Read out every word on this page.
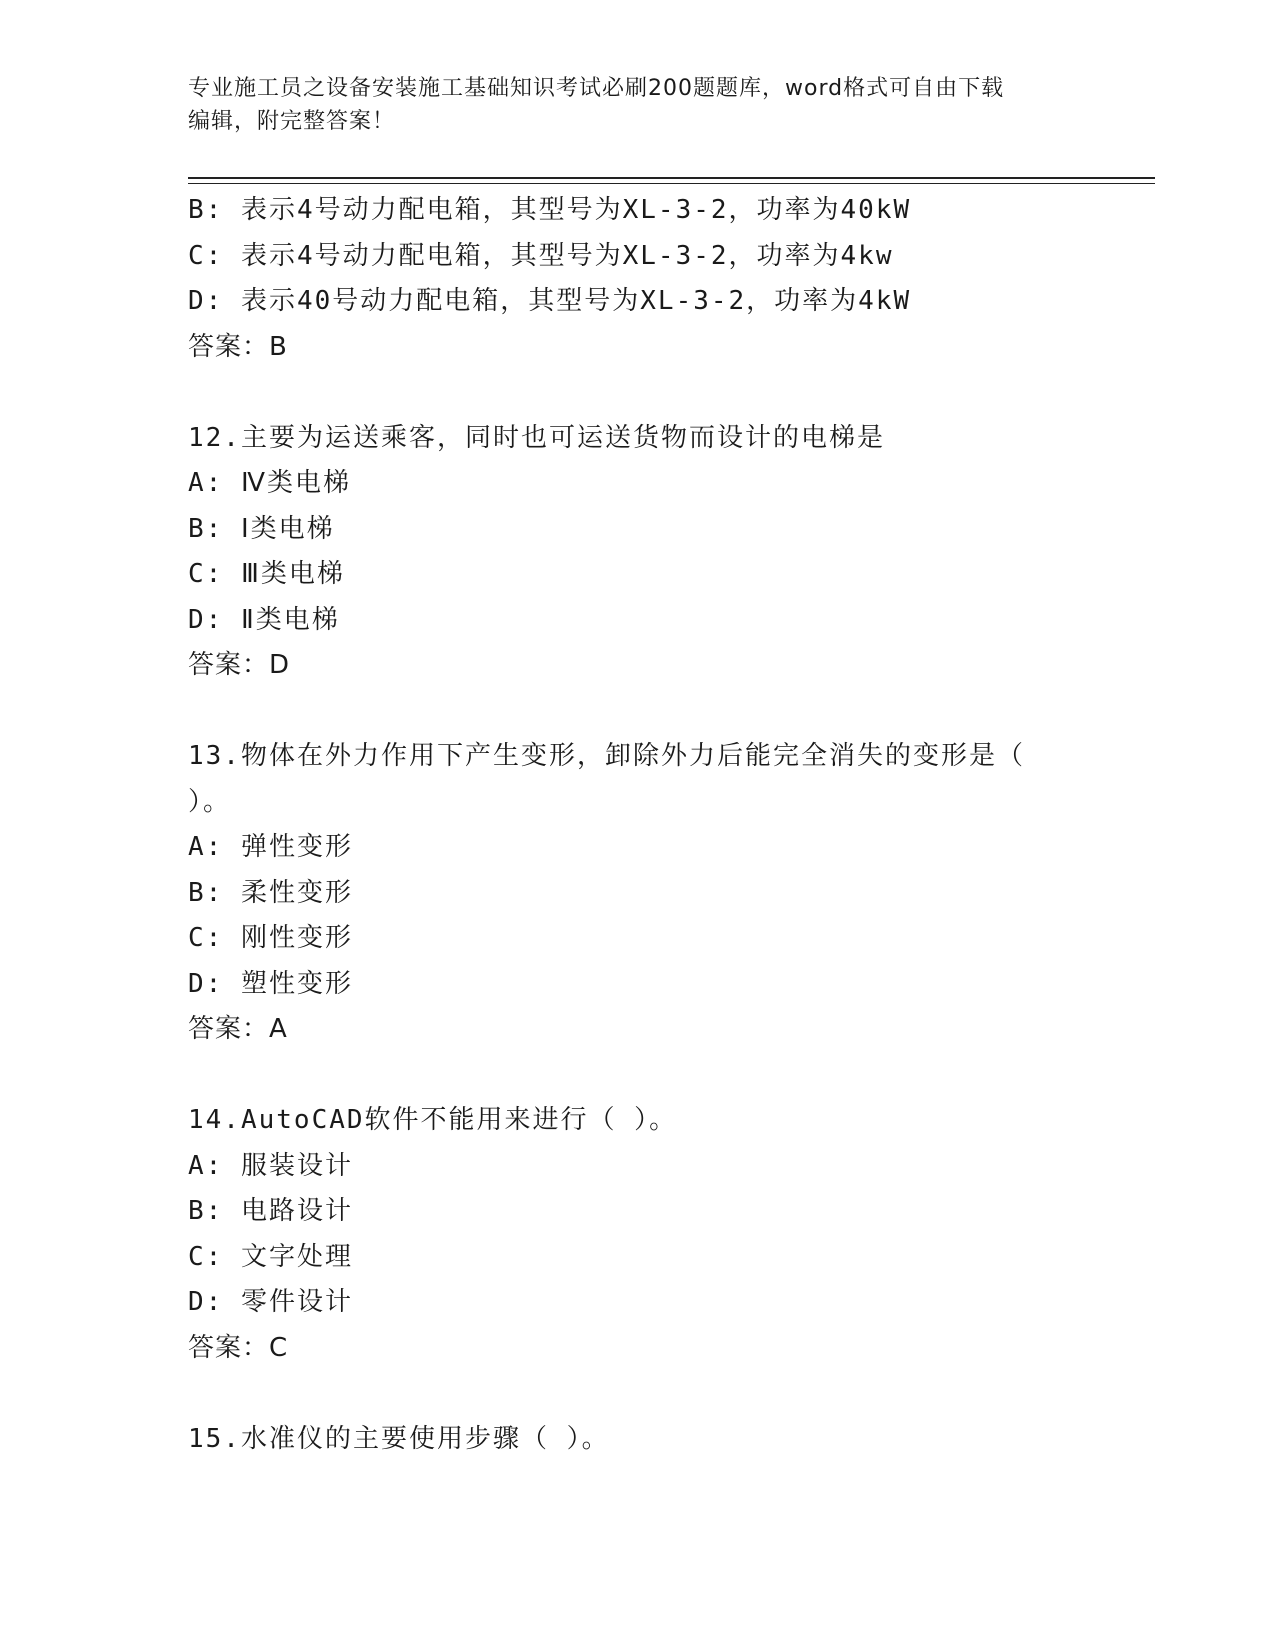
专业施工员之设备安装施工基础知识考试必刷200题题库，word格式可自由下载
编辑，附完整答案！
B: 表示4号动力配电箱，其型号为XL-3-2，功率为40kW
C: 表示4号动力配电箱，其型号为XL-3-2，功率为4kw
D: 表示40号动力配电箱，其型号为XL-3-2，功率为4kW
答案：B
12.主要为运送乘客，同时也可运送货物而设计的电梯是
A: Ⅳ类电梯
B: Ⅰ类电梯
C: Ⅲ类电梯
D: Ⅱ类电梯
答案：D
13.物体在外力作用下产生变形，卸除外力后能完全消失的变形是（
）。
A: 弹性变形
B: 柔性变形
C: 刚性变形
D: 塑性变形
答案：A
14.AutoCAD软件不能用来进行（ ）。
A: 服装设计
B: 电路设计
C: 文字处理
D: 零件设计
答案：C
15.水准仪的主要使用步骤（ ）。
